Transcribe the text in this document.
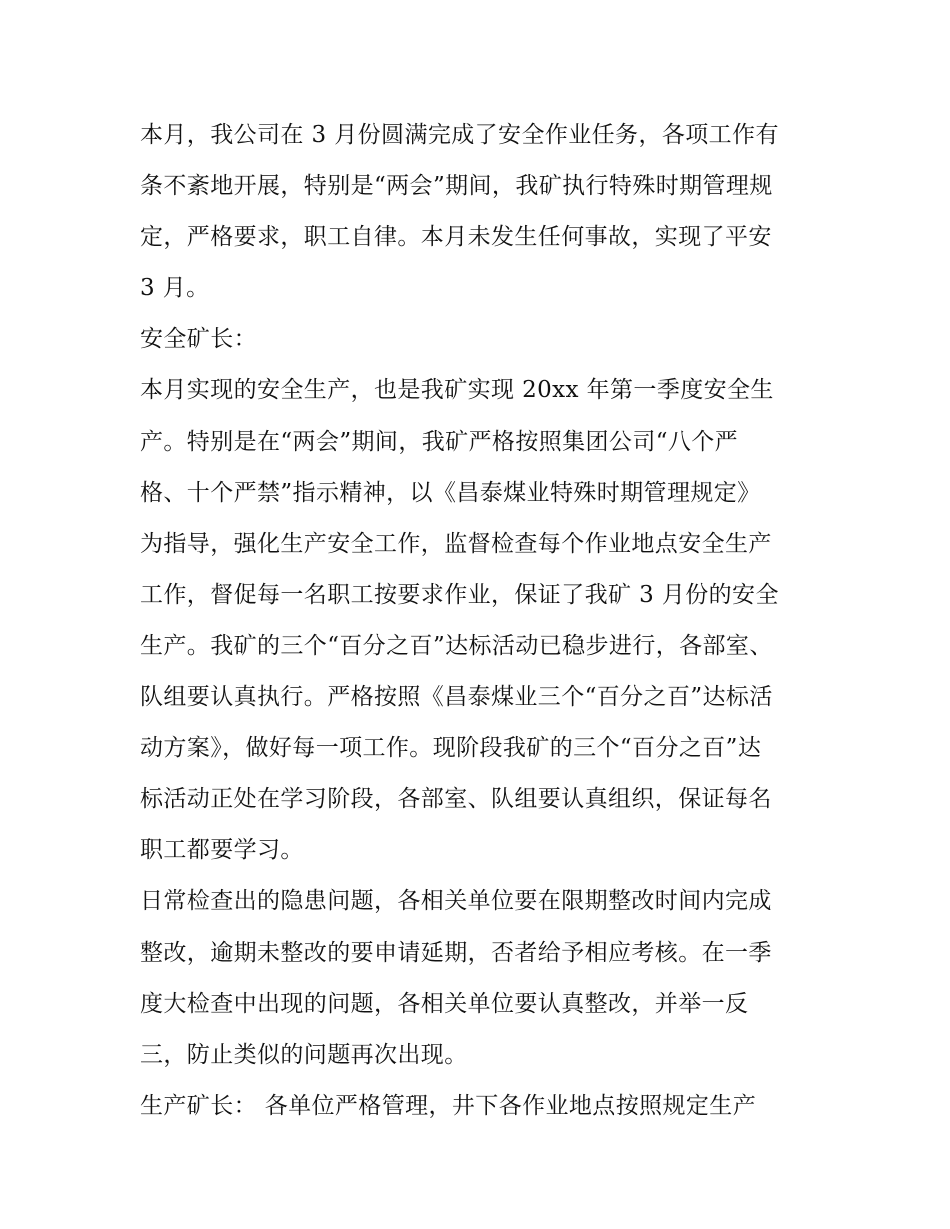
本月，我公司在 3 月份圆满完成了安全作业任务，各项工作有
条不紊地开展，特别是“两会”期间，我矿执行特殊时期管理规
定，严格要求，职工自律。本月未发生任何事故，实现了平安
3 月。
安全矿长：
本月实现的安全生产，也是我矿实现 20xx 年第一季度安全生
产。特别是在“两会”期间，我矿严格按照集团公司“八个严
格、十个严禁”指示精神，以《昌泰煤业特殊时期管理规定》
为指导，强化生产安全工作，监督检查每个作业地点安全生产
工作，督促每一名职工按要求作业，保证了我矿 3 月份的安全
生产。我矿的三个“百分之百”达标活动已稳步进行，各部室、
队组要认真执行。严格按照《昌泰煤业三个“百分之百”达标活
动方案》，做好每一项工作。现阶段我矿的三个“百分之百”达
标活动正处在学习阶段，各部室、队组要认真组织，保证每名
职工都要学习。
日常检查出的隐患问题，各相关单位要在限期整改时间内完成
整改，逾期未整改的要申请延期，否者给予相应考核。在一季
度大检查中出现的问题，各相关单位要认真整改，并举一反
三，防止类似的问题再次出现。
生产矿长： 各单位严格管理，井下各作业地点按照规定生产
